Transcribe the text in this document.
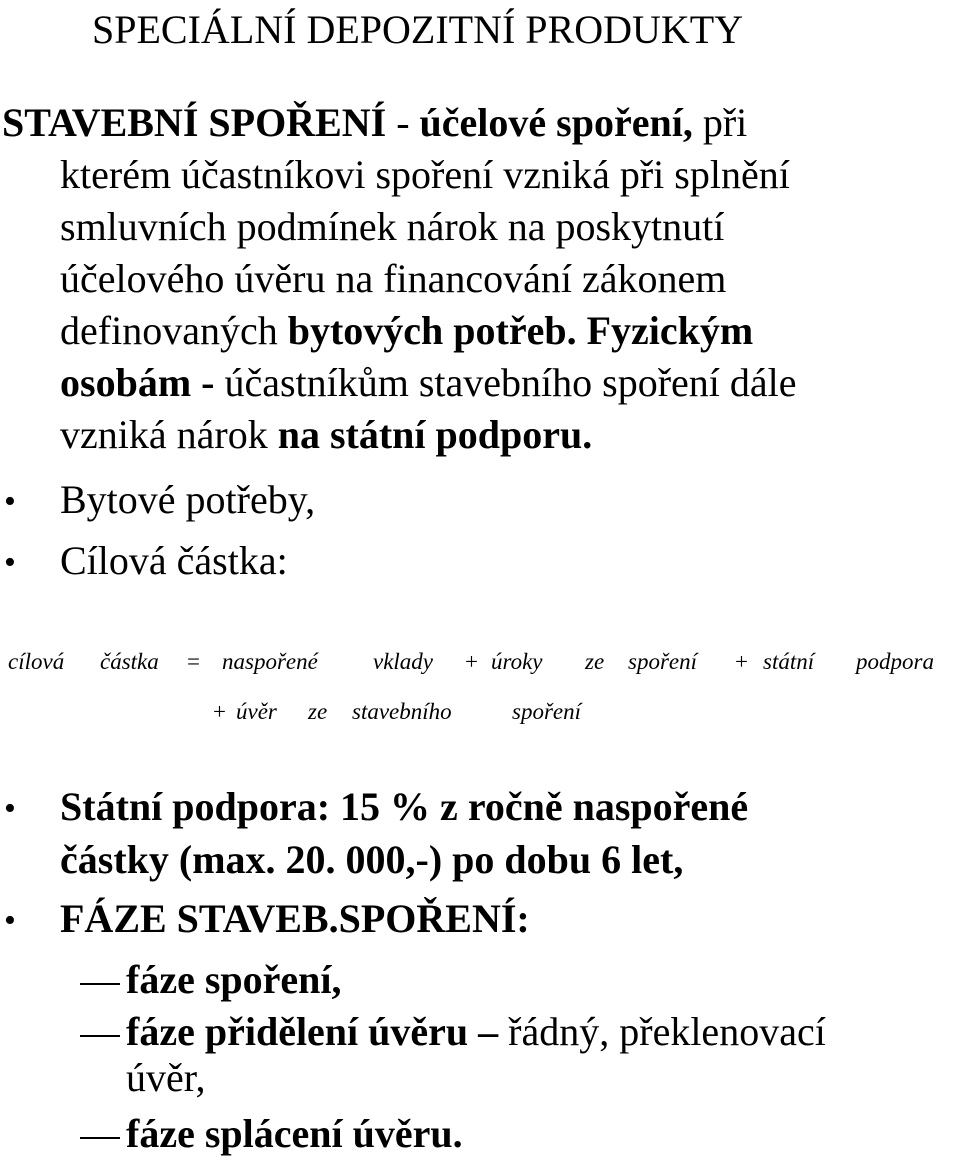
SPECIÁLNÍ DEPOZITNÍ PRODUKTY
STAVEBNÍ SPOŘENÍ - účelové spoření, při
kterém účastníkovi spoření vzniká při splnění
smluvních podmínek nárok na poskytnutí
účelového úvěru na financování zákonem
definovaných bytových potřeb. Fyzickým
osobám - účastníkům stavebního spoření dále
vzniká nárok na státní podporu.
• Bytové potřeby,
• Cílová částka:
cílová částka = naspořené vklady + úroky ze spoření + státní podpora
+ úvěr ze stavebního	spoření
• Státní podpora: 15 % z ročně naspořené
částky (max. 20. 000,-) po dobu 6 let,
• FÁZE STAVEB.SPOŘENÍ:
fáze spoření,
fáze přidělení úvěru – řádný, překlenovací
úvěr,
fáze splácení úvěru.
